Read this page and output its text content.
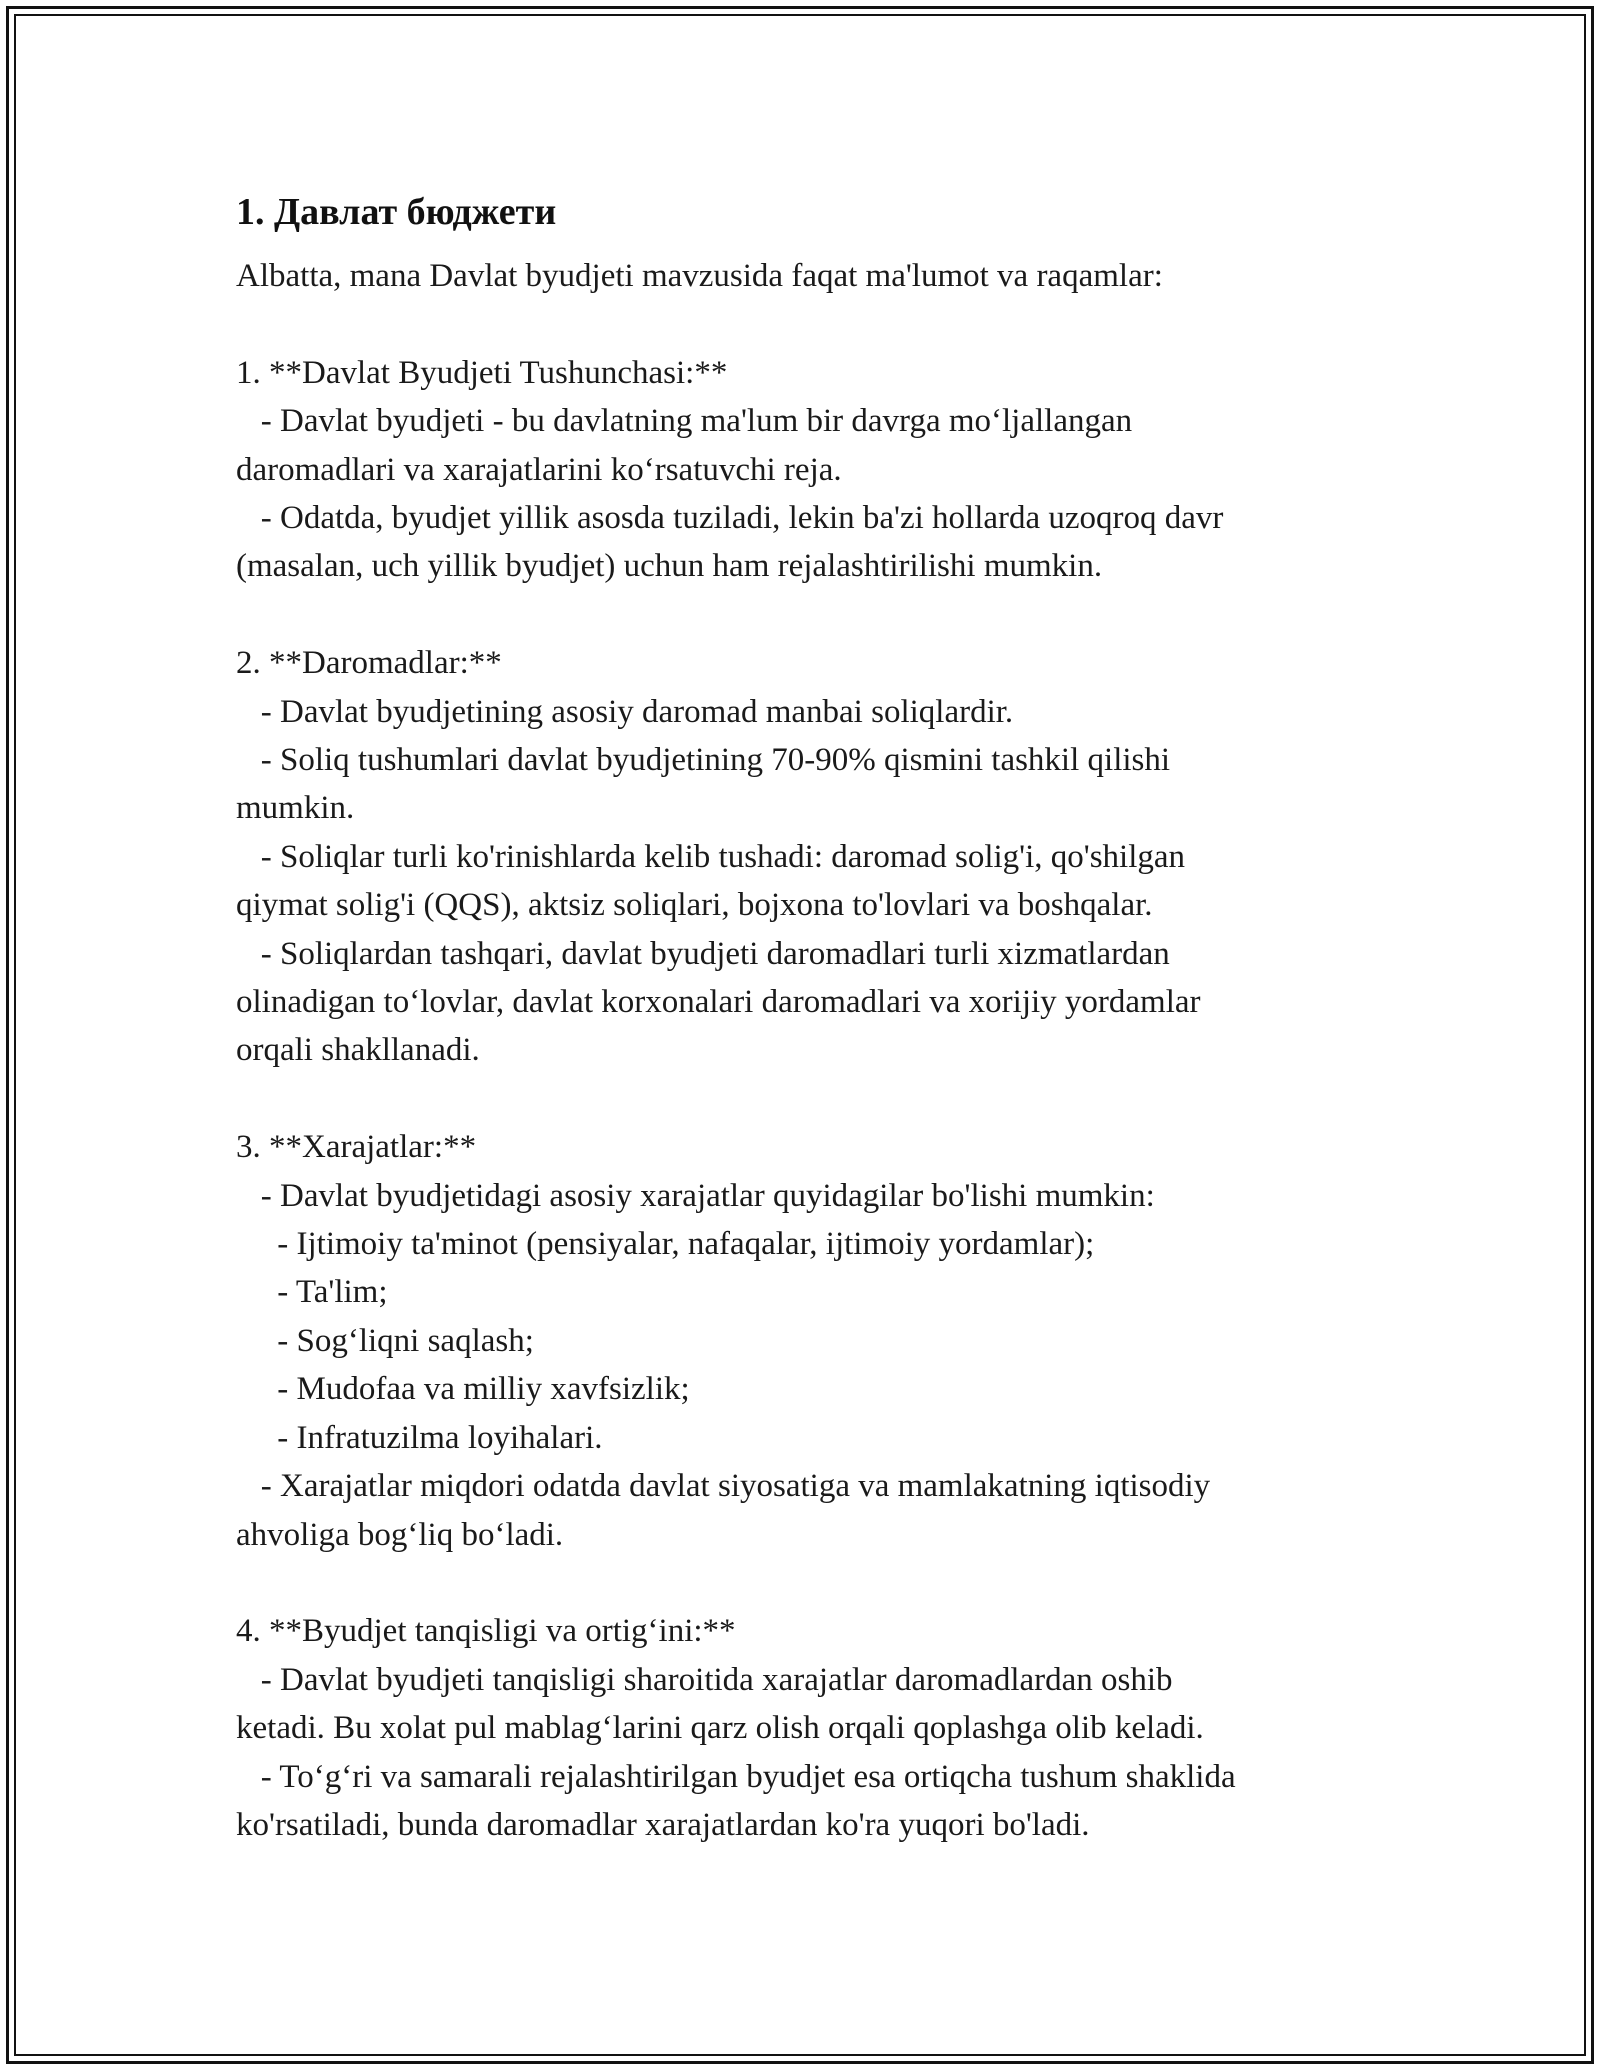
1. Давлат бюджети

Albatta, mana Davlat byudjeti mavzusida faqat ma'lumot va raqamlar:

1. **Davlat Byudjeti Tushunchasi:**

- Davlat byudjeti - bu davlatning ma'lum bir davrga mo‘ljallangan

daromadlari va xarajatlarini ko‘rsatuvchi reja.

- Odatda, byudjet yillik asosda tuziladi, lekin ba'zi hollarda uzoqroq davr

(masalan, uch yillik byudjet) uchun ham rejalashtirilishi mumkin.

2. **Daromadlar:**

- Davlat byudjetining asosiy daromad manbai soliqlardir.

- Soliq tushumlari davlat byudjetining 70-90% qismini tashkil qilishi

mumkin.

- Soliqlar turli ko'rinishlarda kelib tushadi: daromad solig'i, qo'shilgan

qiymat solig'i (QQS), aktsiz soliqlari, bojxona to'lovlari va boshqalar.

- Soliqlardan tashqari, davlat byudjeti daromadlari turli xizmatlardan

olinadigan to‘lovlar, davlat korxonalari daromadlari va xorijiy yordamlar

orqali shakllanadi.

3. **Xarajatlar:**

- Davlat byudjetidagi asosiy xarajatlar quyidagilar bo'lishi mumkin:

- Ijtimoiy ta'minot (pensiyalar, nafaqalar, ijtimoiy yordamlar);

- Ta'lim;

- Sog‘liqni saqlash;

- Mudofaa va milliy xavfsizlik;

- Infratuzilma loyihalari.

- Xarajatlar miqdori odatda davlat siyosatiga va mamlakatning iqtisodiy

ahvoliga bog‘liq bo‘ladi.

4. **Byudjet tanqisligi va ortig‘ini:**

- Davlat byudjeti tanqisligi sharoitida xarajatlar daromadlardan oshib

ketadi. Bu xolat pul mablag‘larini qarz olish orqali qoplashga olib keladi.

- To‘g‘ri va samarali rejalashtirilgan byudjet esa ortiqcha tushum shaklida

ko'rsatiladi, bunda daromadlar xarajatlardan ko'ra yuqori bo'ladi.
